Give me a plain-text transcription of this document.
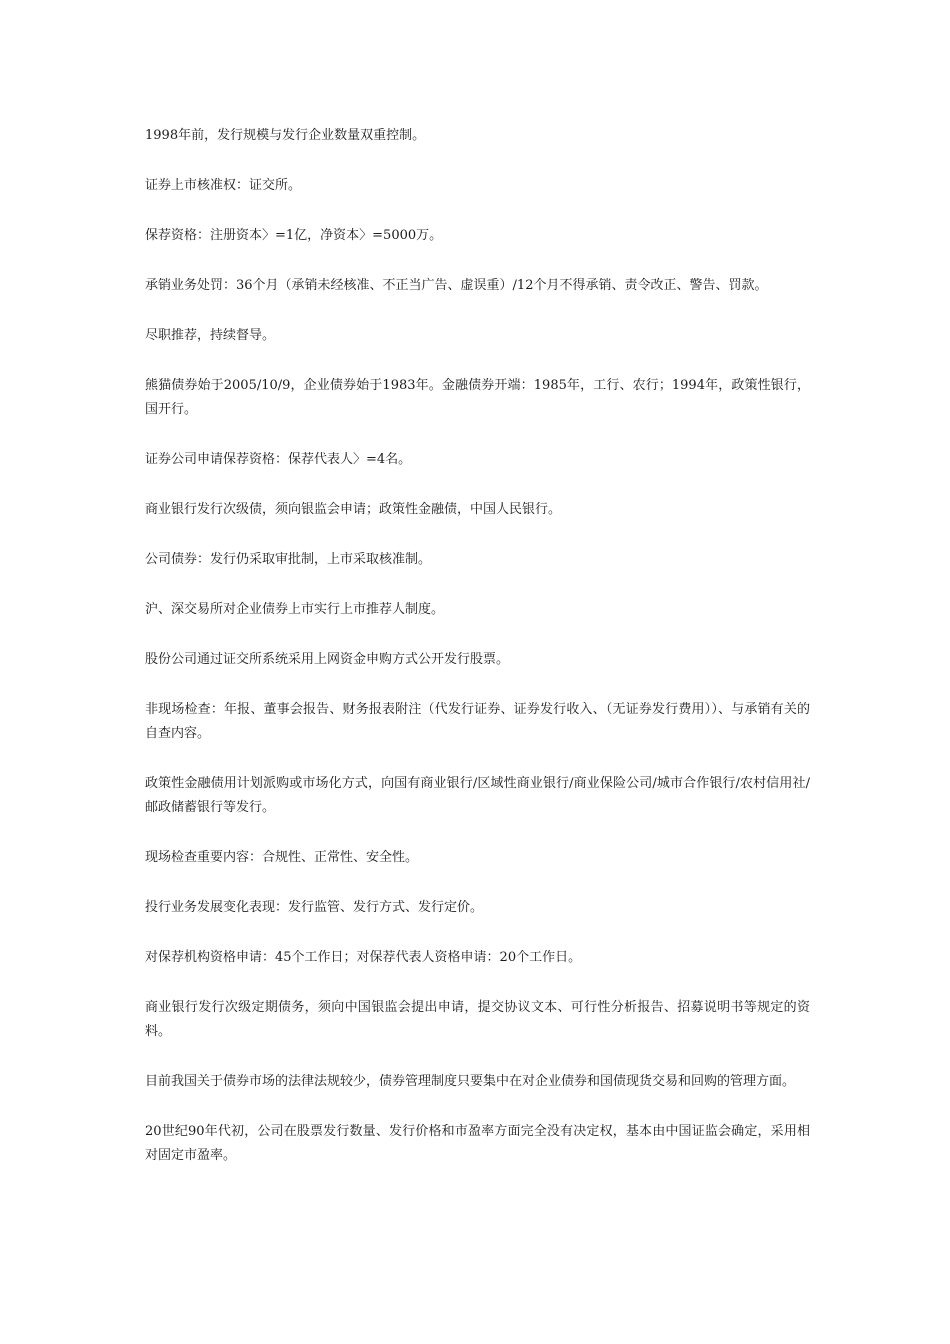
1998年前，发行规模与发行企业数量双重控制。

证券上市核准权：证交所。

保荐资格：注册资本〉=1亿，净资本〉=5000万。

承销业务处罚：36个月（承销未经核准、不正当广告、虚误重）/12个月不得承销、责令改正、警告、罚款。

尽职推荐，持续督导。

熊猫债券始于2005/10/9，企业债券始于1983年。金融债券开端：1985年，工行、农行；1994年，政策性银行，国开行。

证券公司申请保荐资格：保荐代表人〉=4名。

商业银行发行次级债，须向银监会申请；政策性金融债，中国人民银行。

公司债券：发行仍采取审批制，上市采取核准制。

沪、深交易所对企业债券上市实行上市推荐人制度。

股份公司通过证交所系统采用上网资金申购方式公开发行股票。

非现场检查：年报、董事会报告、财务报表附注（代发行证券、证券发行收入、（无证券发行费用））、与承销有关的自查内容。

政策性金融债用计划派购或市场化方式，向国有商业银行/区域性商业银行/商业保险公司/城市合作银行/农村信用社/邮政储蓄银行等发行。

现场检查重要内容：合规性、正常性、安全性。

投行业务发展变化表现：发行监管、发行方式、发行定价。

对保荐机构资格申请：45个工作日；对保荐代表人资格申请：20个工作日。

商业银行发行次级定期债务，须向中国银监会提出申请，提交协议文本、可行性分析报告、招募说明书等规定的资料。

目前我国关于债券市场的法律法规较少，债券管理制度只要集中在对企业债券和国债现货交易和回购的管理方面。

20世纪90年代初，公司在股票发行数量、发行价格和市盈率方面完全没有决定权，基本由中国证监会确定，采用相对固定市盈率。
